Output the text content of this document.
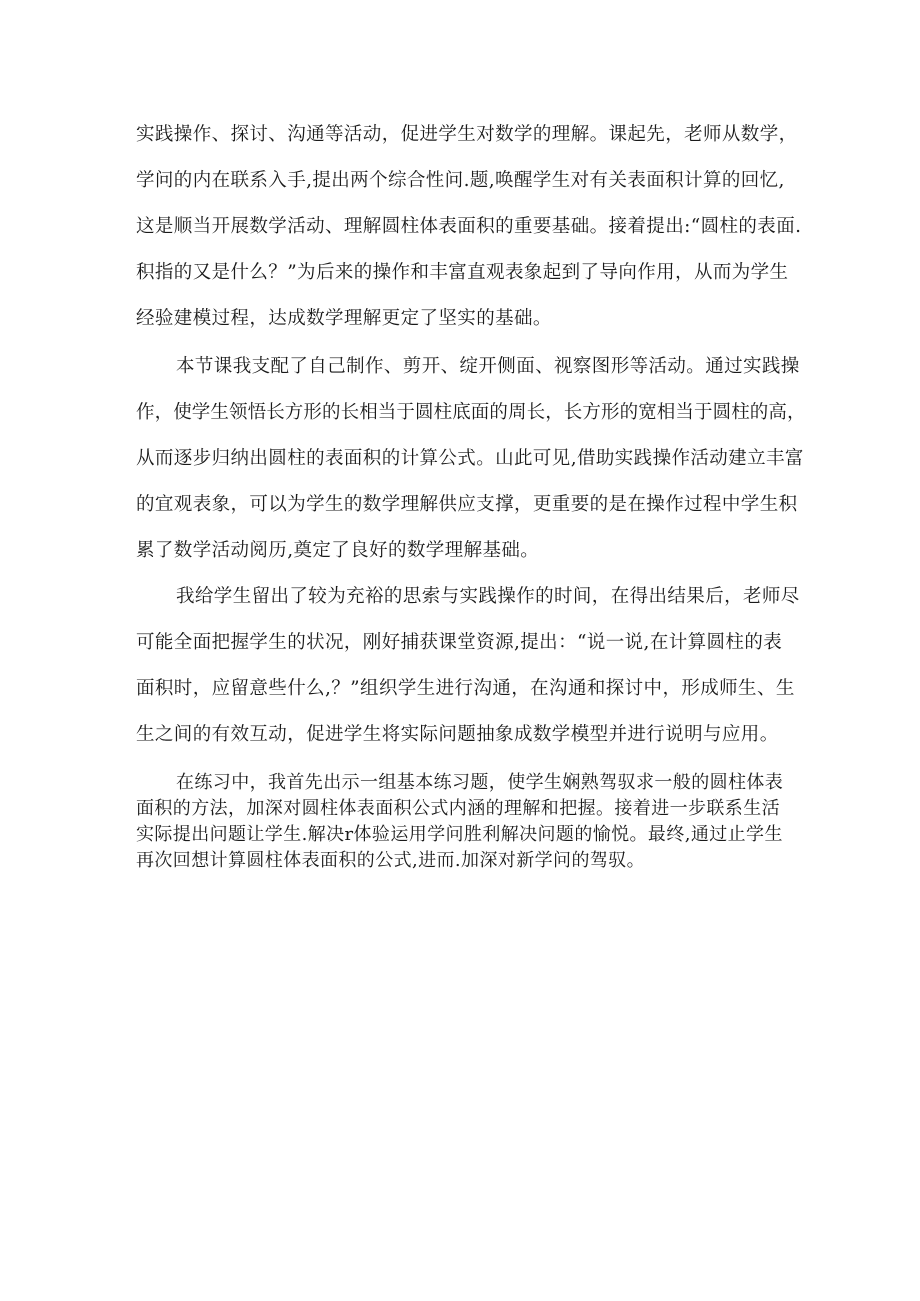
实践操作、探讨、沟通等活动，促进学生对数学的理解。课起先，老师从数学，
学问的内在联系入手,提出两个综合性问.题,唤醒学生对有关表面积计算的回忆,
这是顺当开展数学活动、理解圆柱体表面积的重要基础。接着提出:“圆柱的表面.
积指的又是什么？”为后来的操作和丰富直观表象起到了导向作用，从而为学生
经验建模过程，达成数学理解更定了坚实的基础。
本节课我支配了自己制作、剪开、绽开侧面、视察图形等活动。通过实践操
作，使学生领悟长方形的长相当于圆柱底面的周长，长方形的宽相当于圆柱的高，
从而逐步归纳出圆柱的表面积的计算公式。山此可见,借助实践操作活动建立丰富
的宜观表象，可以为学生的数学理解供应支撑，更重要的是在操作过程中学生积
累了数学活动阅历,奠定了良好的数学理解基础。
我给学生留出了较为充裕的思索与实践操作的时间，在得出结果后，老师尽
可能全面把握学生的状况，刚好捕获课堂资源,提出：“说一说,在计算圆柱的表
面积时，应留意些什么,？”组织学生进行沟通，在沟通和探讨中，形成师生、生
生之间的有效互动，促进学生将实际问题抽象成数学模型并进行说明与应用。
在练习中，我首先出示一组基本练习题，使学生娴熟驾驭求一般的圆柱体表
面积的方法，加深对圆柱体表面积公式内涵的理解和把握。接着进一步联系生活
实际提出问题让学生.解决r体验运用学问胜利解决问题的愉悦。最终,通过止学生
再次回想计算圆柱体表面积的公式,进而.加深对新学问的驾驭。
